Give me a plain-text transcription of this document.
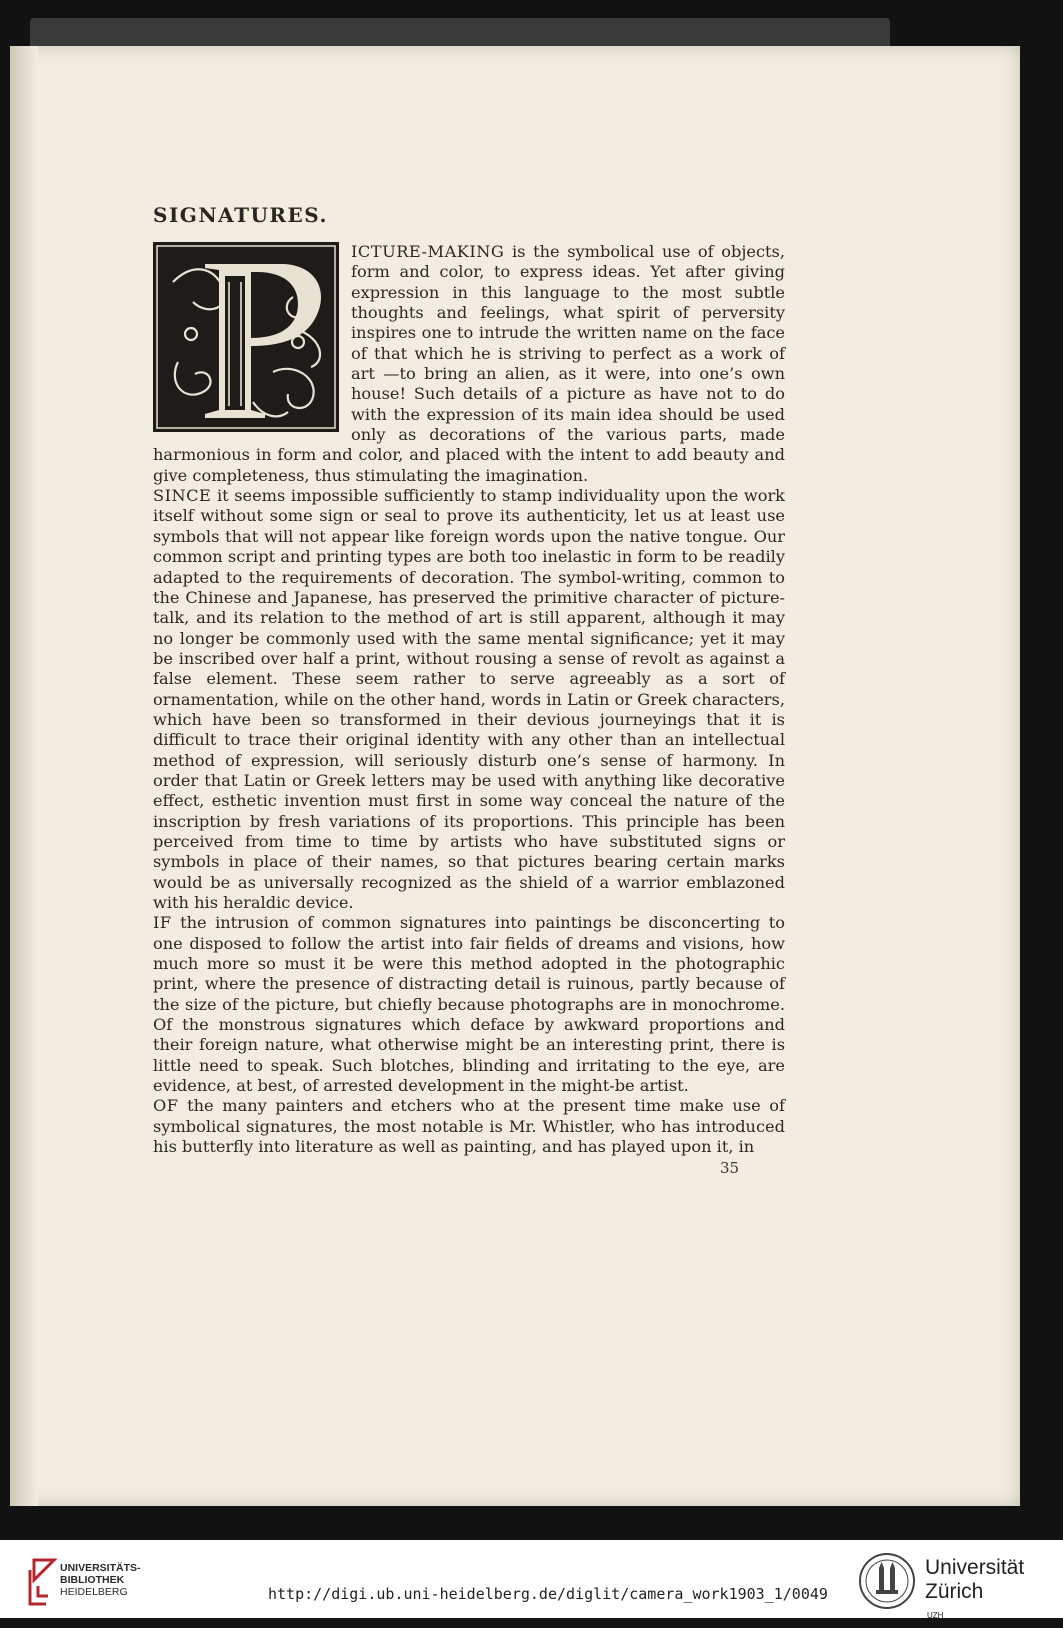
SIGNATURES.

ICTURE-MAKING is the symbolical use of objects, form and color, to express ideas. Yet after giving expression in this language to the most subtle thoughts and feelings, what spirit of perversity inspires one to intrude the written name on the face of that which he is striving to perfect as a work of art —to bring an alien, as it were, into one’s own house! Such details of a picture as have not to do with the expression of its main idea should be used only as decorations of the various parts, made harmonious in form and color, and placed with the intent to add beauty and give completeness, thus stimulating the imagination.

SINCE it seems impossible sufficiently to stamp individuality upon the work itself without some sign or seal to prove its authenticity, let us at least use symbols that will not appear like foreign words upon the native tongue. Our common script and printing types are both too inelastic in form to be readily adapted to the requirements of decoration. The symbol-writing, common to the Chinese and Japanese, has preserved the primitive character of picture-talk, and its relation to the method of art is still apparent, although it may no longer be commonly used with the same mental significance; yet it may be inscribed over half a print, without rousing a sense of revolt as against a false element. These seem rather to serve agreeably as a sort of ornamentation, while on the other hand, words in Latin or Greek characters, which have been so transformed in their devious journeyings that it is difficult to trace their original identity with any other than an intellectual method of expression, will seriously disturb one’s sense of harmony. In order that Latin or Greek letters may be used with anything like decorative effect, esthetic invention must first in some way conceal the nature of the inscription by fresh variations of its proportions. This principle has been perceived from time to time by artists who have substituted signs or symbols in place of their names, so that pictures bearing certain marks would be as universally recognized as the shield of a warrior emblazoned with his heraldic device.

IF the intrusion of common signatures into paintings be disconcerting to one disposed to follow the artist into fair fields of dreams and visions, how much more so must it be were this method adopted in the photographic print, where the presence of distracting detail is ruinous, partly because of the size of the picture, but chiefly because photographs are in monochrome. Of the monstrous signatures which deface by awkward proportions and their foreign nature, what otherwise might be an interesting print, there is little need to speak. Such blotches, blinding and irritating to the eye, are evidence, at best, of arrested development in the might-be artist.

OF the many painters and etchers who at the present time make use of symbolical signatures, the most notable is Mr. Whistler, who has introduced his butterfly into literature as well as painting, and has played upon it, in

35
UNIVERSITÄTS-
BIBLIOTHEK
HEIDELBERG	http://digi.ub.uni-heidelberg.de/diglit/camera_work1903_1/0049
Universität
Zürich
UZH
